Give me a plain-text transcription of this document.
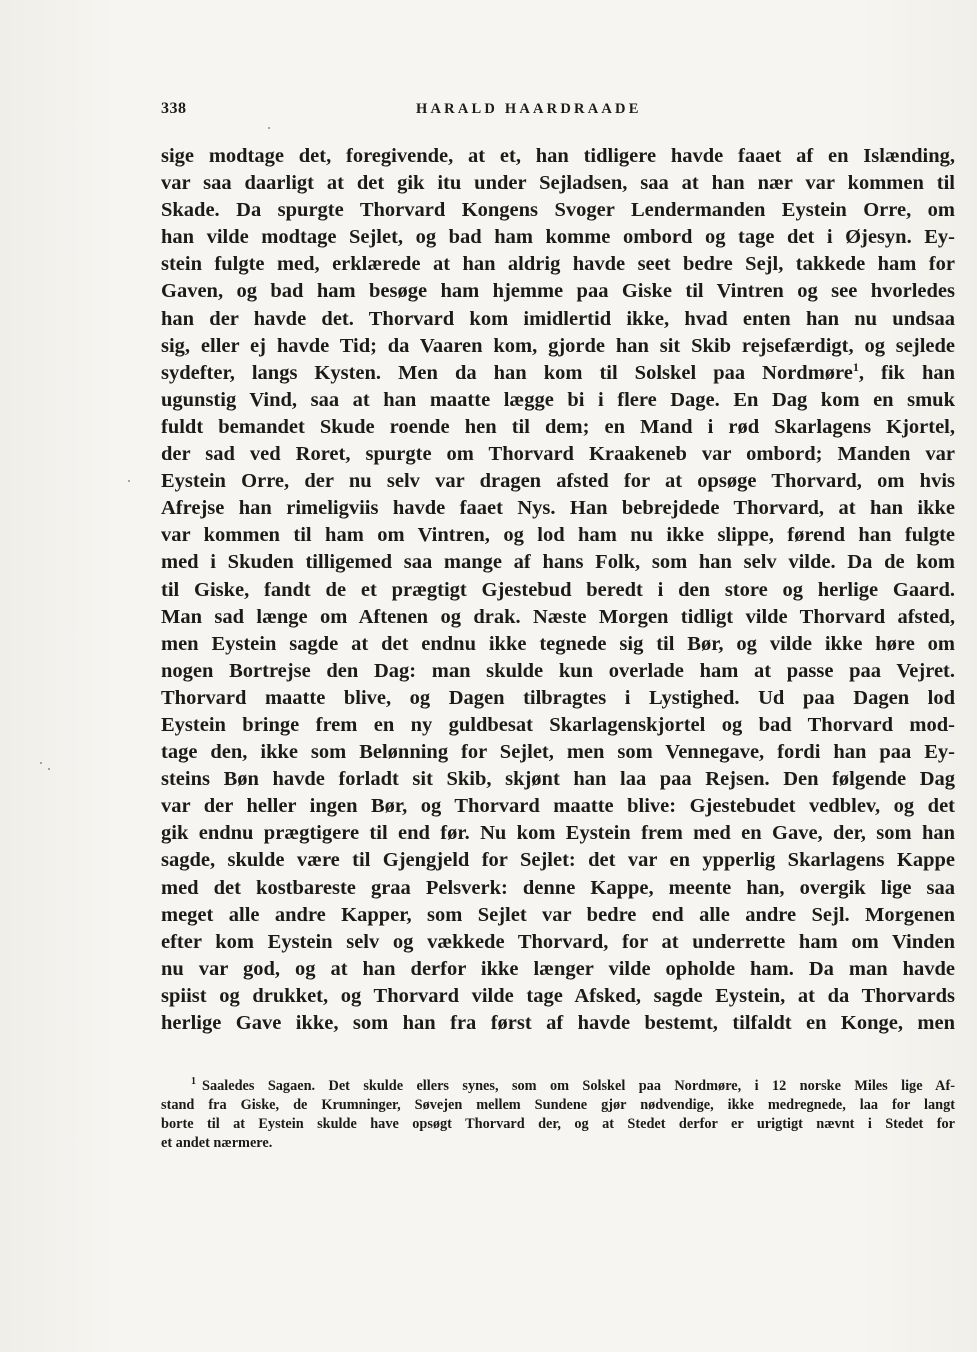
338	HARALD HAARDRAADE
sige modtage det, foregivende, at et, han tidligere havde faaet af en Islænding,
var saa daarligt at det gik itu under Sejladsen, saa at han nær var kommen til
Skade. Da spurgte Thorvard Kongens Svoger Lendermanden Eystein Orre, om
han vilde modtage Sejlet, og bad ham komme ombord og tage det i Øjesyn. Ey-
stein fulgte med, erklærede at han aldrig havde seet bedre Sejl, takkede ham for
Gaven, og bad ham besøge ham hjemme paa Giske til Vintren og see hvorledes
han der havde det. Thorvard kom imidlertid ikke, hvad enten han nu undsaa
sig, eller ej havde Tid; da Vaaren kom, gjorde han sit Skib rejsefærdigt, og sejlede
sydefter, langs Kysten. Men da han kom til Solskel paa Nordmøre$^1$, fik han
ugunstig Vind, saa at han maatte lægge bi i flere Dage. En Dag kom en smuk
fuldt bemandet Skude roende hen til dem; en Mand i rød Skarlagens Kjortel,
der sad ved Roret, spurgte om Thorvard Kraakeneb var ombord; Manden var
Eystein Orre, der nu selv var dragen afsted for at opsøge Thorvard, om hvis
Afrejse han rimeligviis havde faaet Nys. Han bebrejdede Thorvard, at han ikke
var kommen til ham om Vintren, og lod ham nu ikke slippe, førend han fulgte
med i Skuden tilligemed saa mange af hans Folk, som han selv vilde. Da de kom
til Giske, fandt de et prægtigt Gjestebud beredt i den store og herlige Gaard.
Man sad længe om Aftenen og drak. Næste Morgen tidligt vilde Thorvard afsted,
men Eystein sagde at det endnu ikke tegnede sig til Bør, og vilde ikke høre om
nogen Bortrejse den Dag: man skulde kun overlade ham at passe paa Vejret.
Thorvard maatte blive, og Dagen tilbragtes i Lystighed. Ud paa Dagen lod
Eystein bringe frem en ny guldbesat Skarlagenskjortel og bad Thorvard mod-
tage den, ikke som Belønning for Sejlet, men som Vennegave, fordi han paa Ey-
steins Bøn havde forladt sit Skib, skjønt han laa paa Rejsen. Den følgende Dag
var der heller ingen Bør, og Thorvard maatte blive: Gjestebudet vedblev, og det
gik endnu prægtigere til end før. Nu kom Eystein frem med en Gave, der, som han
sagde, skulde være til Gjengjeld for Sejlet: det var en ypperlig Skarlagens Kappe
med det kostbareste graa Pelsverk: denne Kappe, meente han, overgik lige saa
meget alle andre Kapper, som Sejlet var bedre end alle andre Sejl. Morgenen
efter kom Eystein selv og vækkede Thorvard, for at underrette ham om Vinden
nu var god, og at han derfor ikke længer vilde opholde ham. Da man havde
spiist og drukket, og Thorvard vilde tage Afsked, sagde Eystein, at da Thorvards
herlige Gave ikke, som han fra først af havde bestemt, tilfaldt en Konge, men
$^1$ Saaledes Sagaen. Det skulde ellers synes, som om Solskel paa Nordmøre, i 12 norske Miles lige Af-
stand fra Giske, de Krumninger, Søvejen mellem Sundene gjør nødvendige, ikke medregnede, laa for langt
borte til at Eystein skulde have opsøgt Thorvard der, og at Stedet derfor er urigtigt nævnt i Stedet for
et andet nærmere.
